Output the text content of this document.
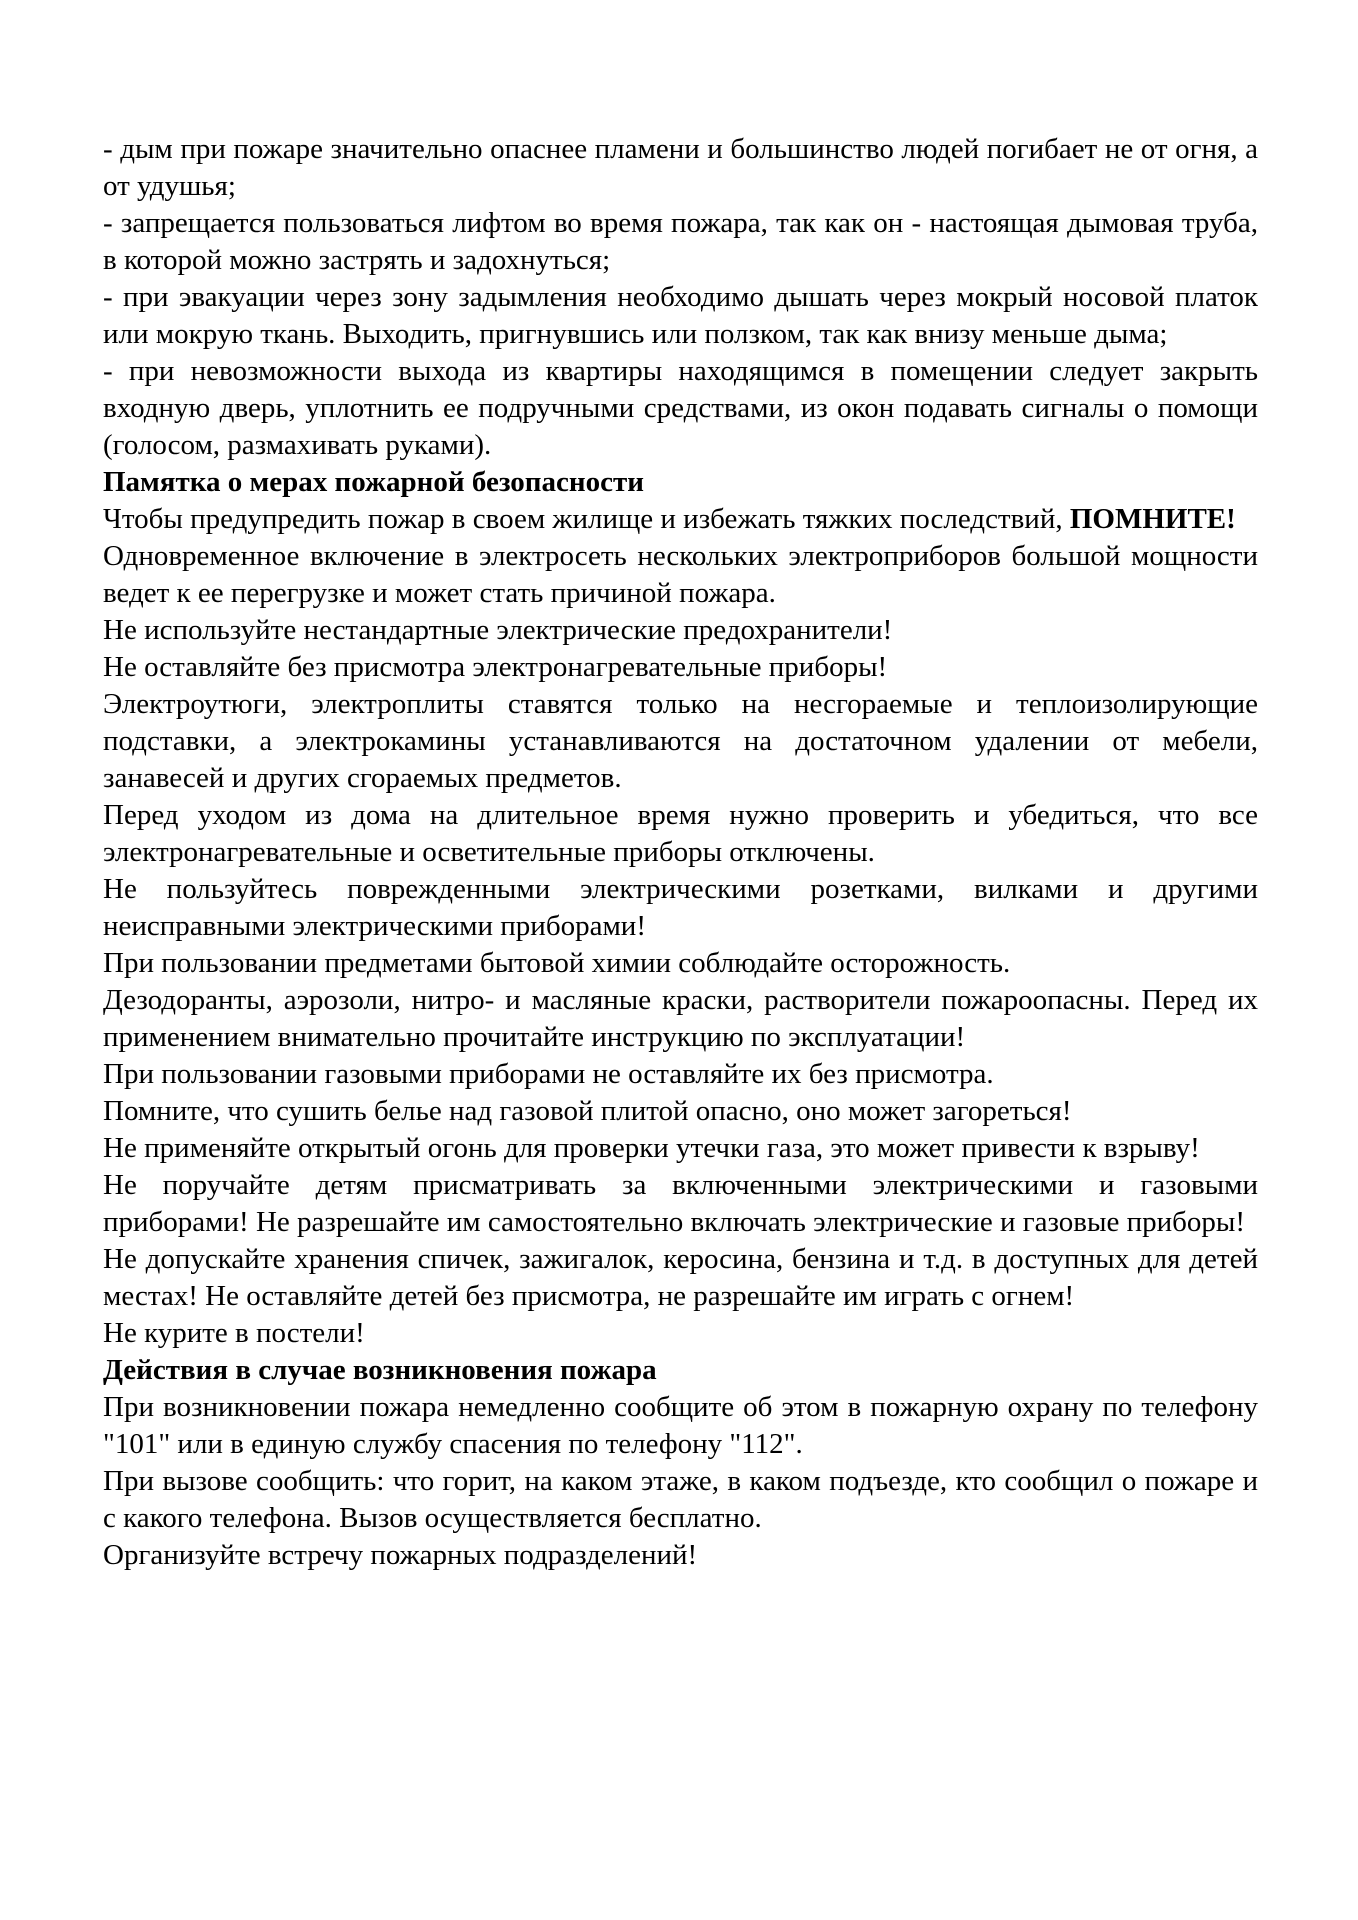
- дым при пожаре значительно опаснее пламени и большинство людей погибает не от огня, а от удушья;

- запрещается пользоваться лифтом во время пожара, так как он - настоящая дымовая труба, в которой можно застрять и задохнуться;

- при эвакуации через зону задымления необходимо дышать через мокрый носовой платок или мокрую ткань. Выходить, пригнувшись или ползком, так как внизу меньше дыма;

- при невозможности выхода из квартиры находящимся в помещении следует закрыть входную дверь, уплотнить ее подручными средствами, из окон подавать сигналы о помощи (голосом, размахивать руками).

Памятка о мерах пожарной безопасности

Чтобы предупредить пожар в своем жилище и избежать тяжких последствий, ПОМНИТЕ!

Одновременное включение в электросеть нескольких электроприборов большой мощности ведет к ее перегрузке и может стать причиной пожара.

Не используйте нестандартные электрические предохранители!

Не оставляйте без присмотра электронагревательные приборы!

Электроутюги, электроплиты ставятся только на несгораемые и теплоизолирующие подставки, а электрокамины устанавливаются на достаточном удалении от мебели, занавесей и других сгораемых предметов.

Перед уходом из дома на длительное время нужно проверить и убедиться, что все электронагревательные и осветительные приборы отключены.

Не пользуйтесь поврежденными электрическими розетками, вилками и другими неисправными электрическими приборами!

При пользовании предметами бытовой химии соблюдайте осторожность.

Дезодоранты, аэрозоли, нитро- и масляные краски, растворители пожароопасны. Перед их применением внимательно прочитайте инструкцию по эксплуатации!

При пользовании газовыми приборами не оставляйте их без присмотра.

Помните, что сушить белье над газовой плитой опасно, оно может загореться!

Не применяйте открытый огонь для проверки утечки газа, это может привести к взрыву!

Не поручайте детям присматривать за включенными электрическими и газовыми приборами! Не разрешайте им самостоятельно включать электрические и газовые приборы!

Не допускайте хранения спичек, зажигалок, керосина, бензина и т.д. в доступных для детей местах! Не оставляйте детей без присмотра, не разрешайте им играть с огнем!

Не курите в постели!

Действия в случае возникновения пожара

При возникновении пожара немедленно сообщите об этом в пожарную охрану по телефону "101" или в единую службу спасения по телефону "112".

При вызове сообщить: что горит, на каком этаже, в каком подъезде, кто сообщил о пожаре и с какого телефона. Вызов осуществляется бесплатно.

Организуйте встречу пожарных подразделений!
